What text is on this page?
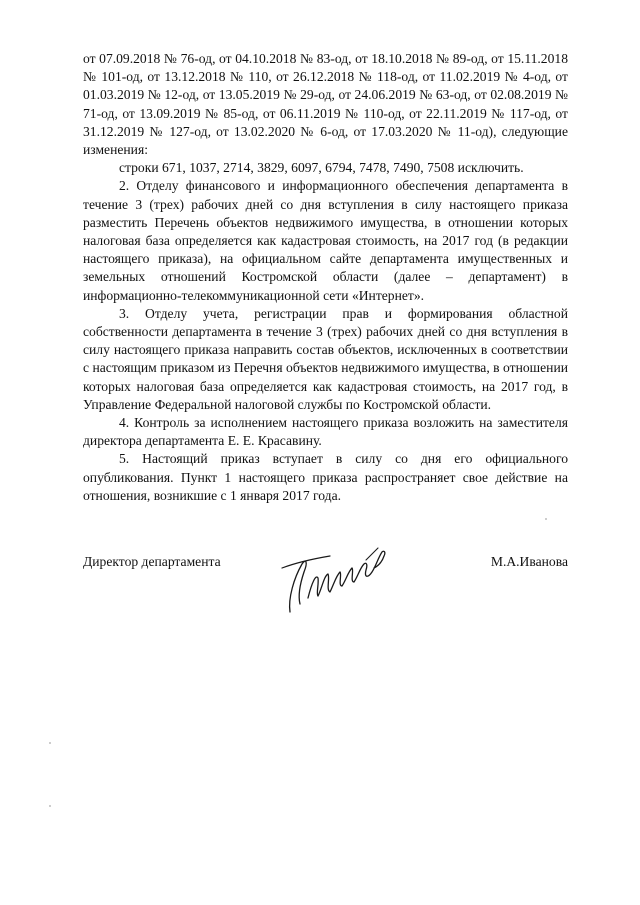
от 07.09.2018 № 76-од, от 04.10.2018 № 83-од, от 18.10.2018 № 89-од, от 15.11.2018 № 101-од, от 13.12.2018 № 110, от 26.12.2018 № 118-од, от 11.02.2019 № 4-од, от 01.03.2019 № 12-од, от 13.05.2019 № 29-од, от 24.06.2019 № 63-од, от 02.08.2019 № 71-од, от 13.09.2019 № 85-од, от 06.11.2019 № 110-од, от 22.11.2019 № 117-од, от 31.12.2019 № 127-од, от 13.02.2020 № 6-од, от 17.03.2020 № 11-од), следующие изменения:

строки 671, 1037, 2714, 3829, 6097, 6794, 7478, 7490, 7508 исключить.

2. Отделу финансового и информационного обеспечения департамента в течение 3 (трех) рабочих дней со дня вступления в силу настоящего приказа разместить Перечень объектов недвижимого имущества, в отношении которых налоговая база определяется как кадастровая стоимость, на 2017 год (в редакции настоящего приказа), на официальном сайте департамента имущественных и земельных отношений Костромской области (далее – департамент) в информационно-телекоммуникационной сети «Интернет».

3. Отделу учета, регистрации прав и формирования областной собственности департамента в течение 3 (трех) рабочих дней со дня вступления в силу настоящего приказа направить состав объектов, исключенных в соответствии с настоящим приказом из Перечня объектов недвижимого имущества, в отношении которых налоговая база определяется как кадастровая стоимость, на 2017 год, в Управление Федеральной налоговой службы по Костромской области.

4. Контроль за исполнением настоящего приказа возложить на заместителя директора департамента Е. Е. Красавину.

5. Настоящий приказ вступает в силу со дня его официального опубликования. Пункт 1 настоящего приказа распространяет свое действие на отношения, возникшие с 1 января 2017 года.

Директор департамента	М.А.Иванова
